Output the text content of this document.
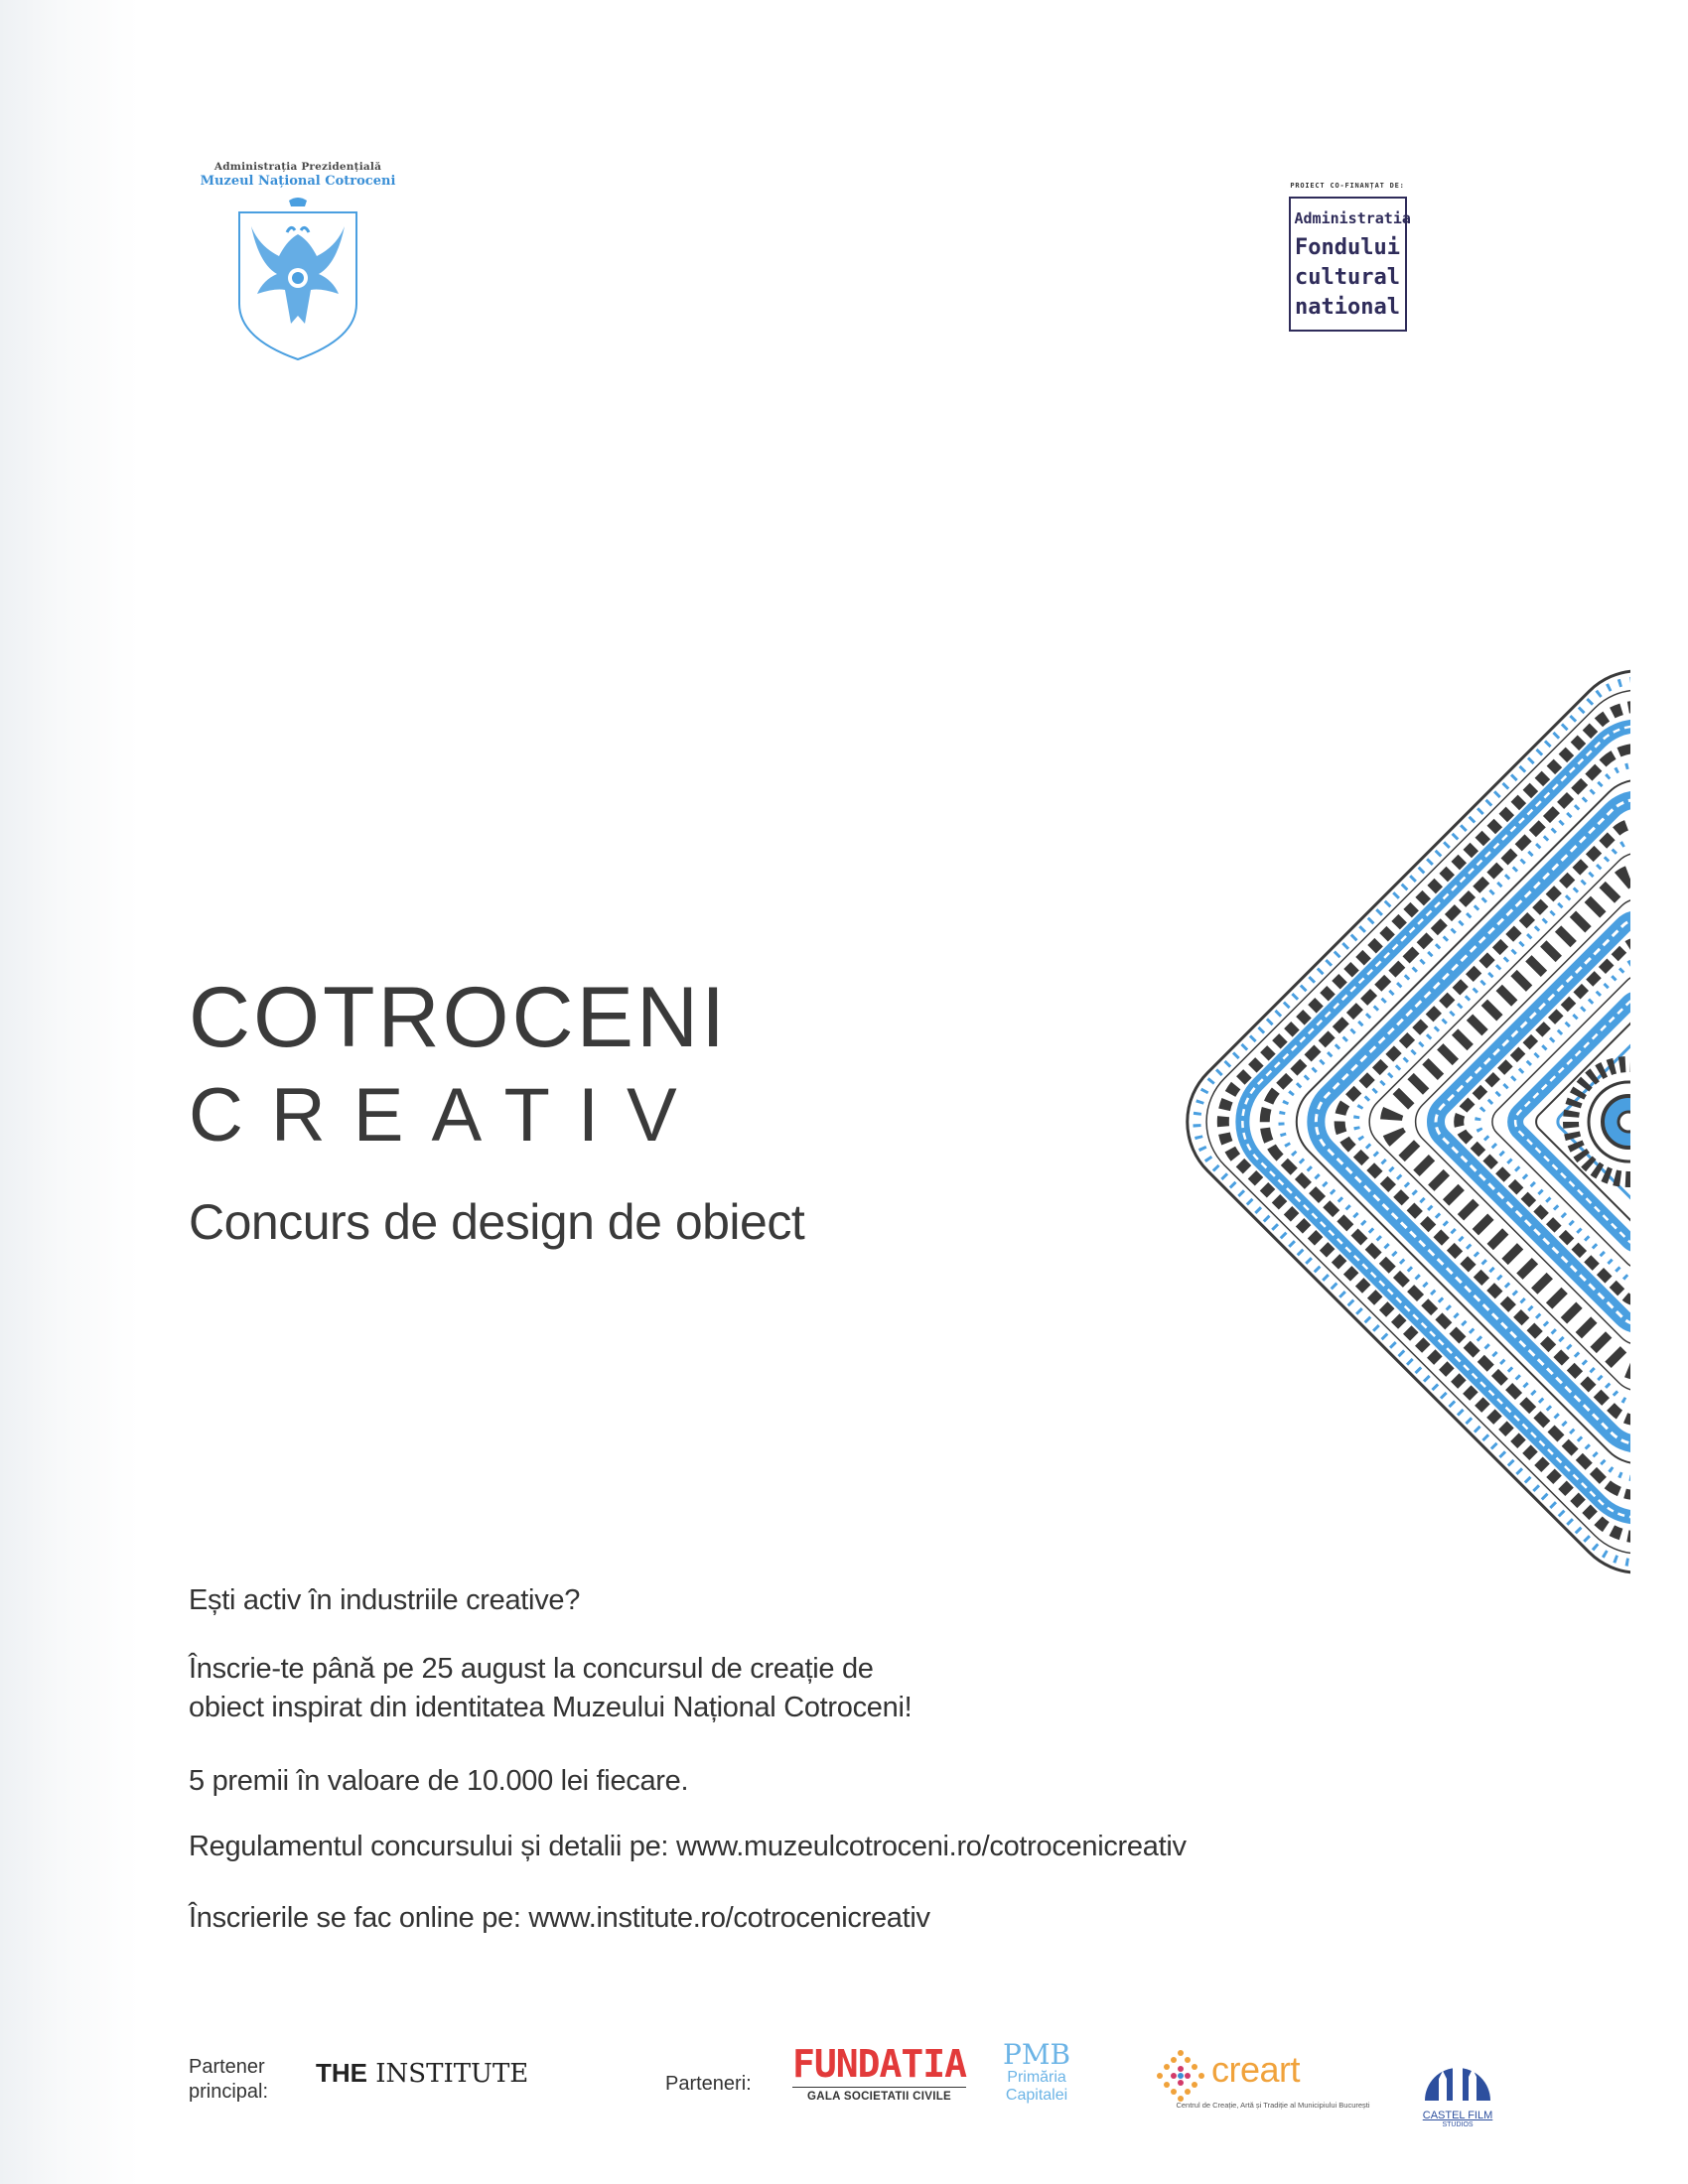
Administrația Prezidențială
Muzeul Național Cotroceni	PROIECT CO-FINANȚAT DE:
Administratia
Fondului
cultural
national
COTROCENI
CREATIV
Concurs de design de obiect
Ești activ în industriile creative?
Înscrie-te până pe 25 august la concursul de creație de
obiect inspirat din identitatea Muzeului Național Cotroceni!
5 premii în valoare de 10.000 lei fiecare.
Regulamentul concursului și detalii pe: www.muzeulcotroceni.ro/cotrocenicreativ
Înscrierile se fac online pe: www.institute.ro/cotrocenicreativ
Partener
principal:
THE INSTITUTE	Parteneri: FUNDATIA
GALA SOCIETATII CIVILE
PMB
Primăria
Capitalei
creart
Centrul de Creație, Artă și Tradiție al Municipiului București
CASTEL FILM
STUDIOS
